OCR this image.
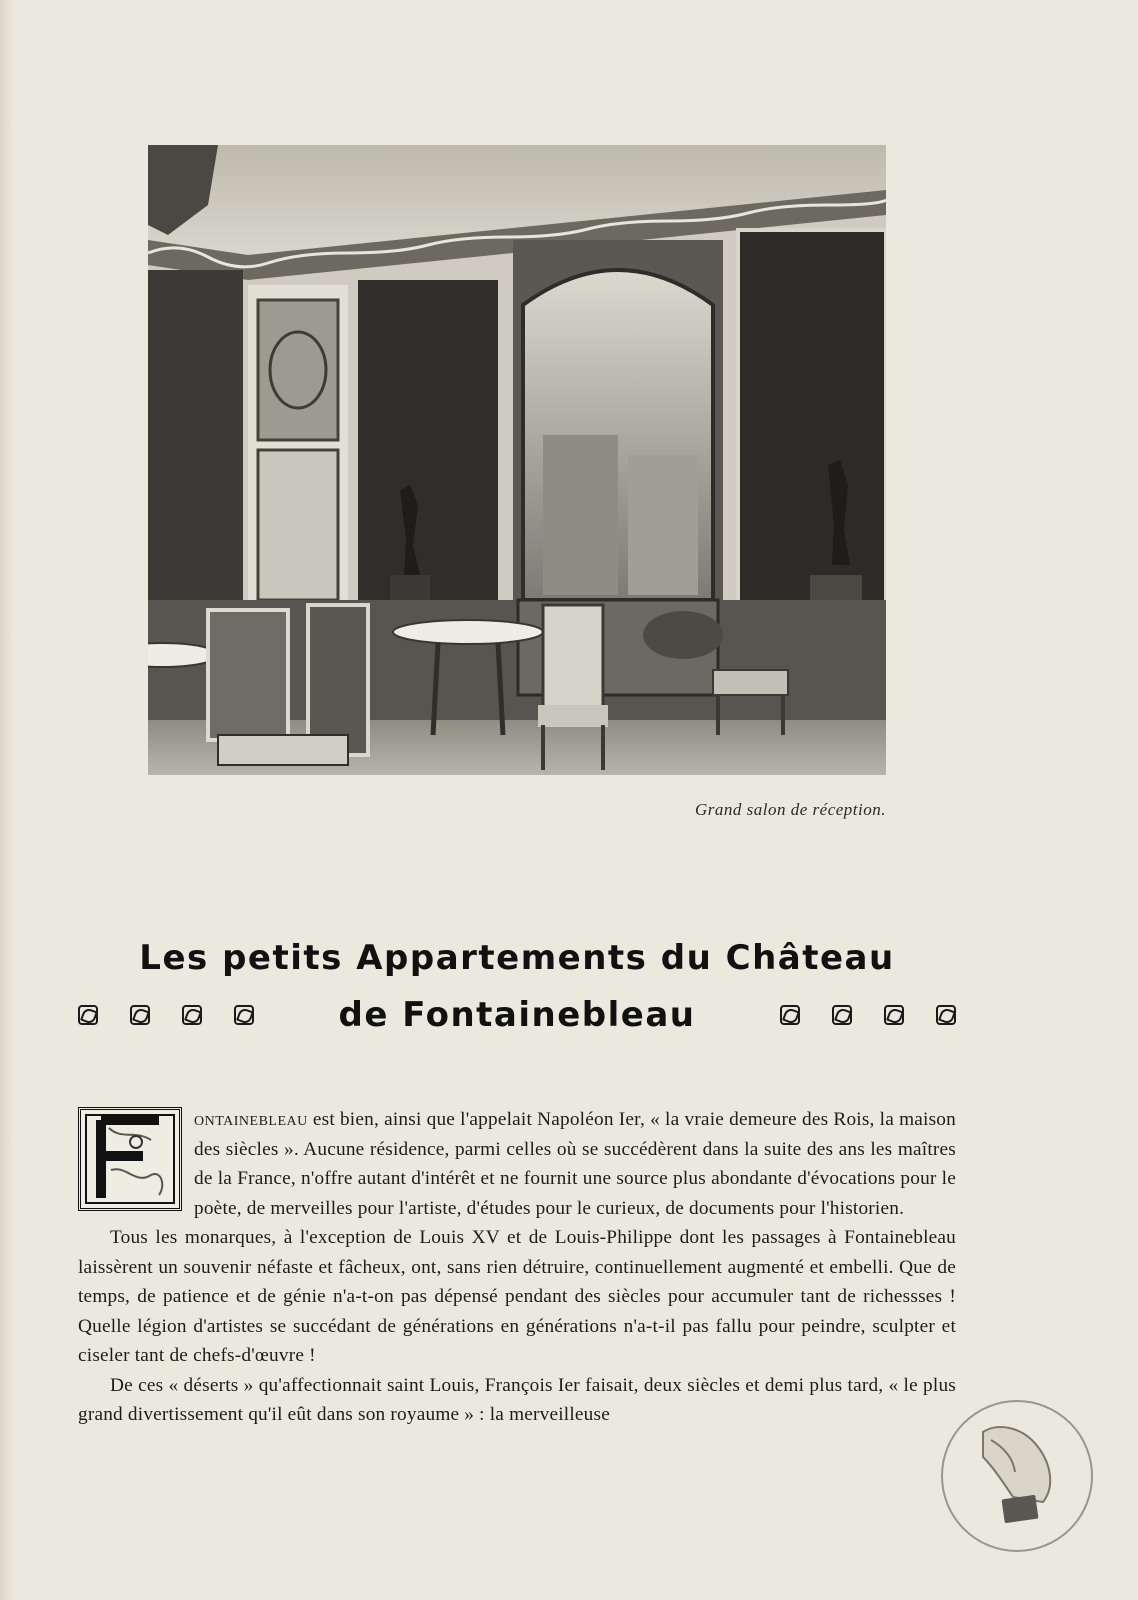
Grand salon de réception.
Les petits Appartements du Château
de Fontainebleau

ontainebleau est bien, ainsi que l'appelait Napoléon Ier, « la vraie demeure des Rois, la maison des siècles ». Aucune résidence, parmi celles où se succédèrent dans la suite des ans les maîtres de la France, n'offre autant d'intérêt et ne fournit une source plus abondante d'évocations pour le poète, de merveilles pour l'artiste, d'études pour le curieux, de documents pour l'historien.

Tous les monarques, à l'exception de Louis XV et de Louis-Philippe dont les passages à Fontainebleau laissèrent un souvenir néfaste et fâcheux, ont, sans rien détruire, continuellement augmenté et embelli. Que de temps, de patience et de génie n'a-t-on pas dépensé pendant des siècles pour accumuler tant de richessses ! Quelle légion d'artistes se succédant de générations en générations n'a-t-il pas fallu pour peindre, sculpter et ciseler tant de chefs-d'œuvre !

De ces « déserts » qu'affectionnait saint Louis, François Ier faisait, deux siècles et demi plus tard, « le plus grand divertissement qu'il eût dans son royaume » : la merveilleuse
